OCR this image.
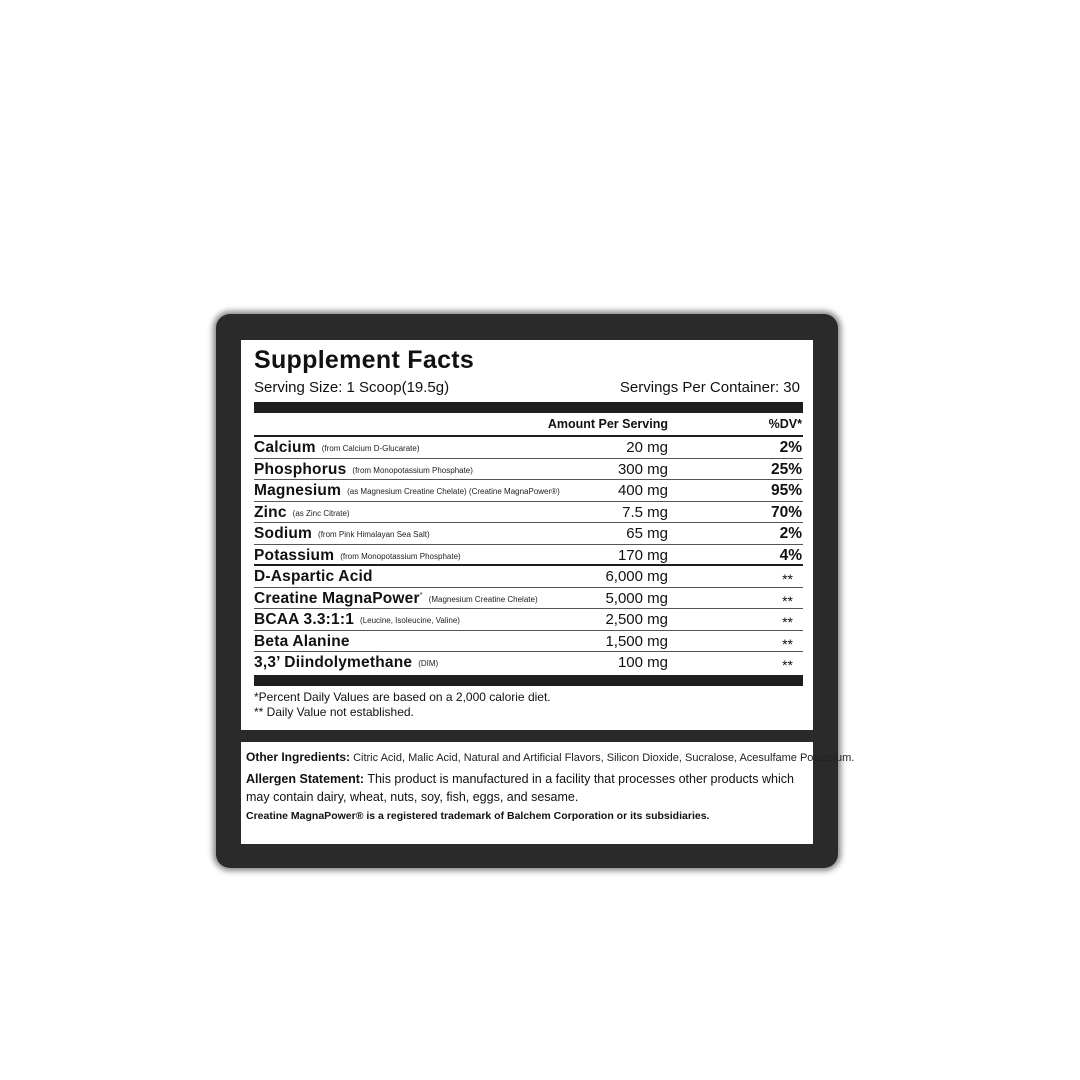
Supplement Facts
Serving Size: 1 Scoop(19.5g)	Servings Per Container: 30
Amount Per Serving	%DV*
Calcium (from Calcium D-Glucarate)	20 mg	2%
Phosphorus (from Monopotassium Phosphate)	300 mg	25%
Magnesium (as Magnesium Creatine Chelate) (Creatine MagnaPower®)	400 mg	95%
Zinc (as Zinc Citrate)	7.5 mg	70%
Sodium (from Pink Himalayan Sea Salt)	65 mg	2%
Potassium (from Monopotassium Phosphate)	170 mg	4%
D-Aspartic Acid	6,000 mg	**
Creatine MagnaPower* (Magnesium Creatine Chelate)	5,000 mg	**
BCAA 3.3:1:1 (Leucine, Isoleucine, Valine)	2,500 mg	**
Beta Alanine	1,500 mg	**
3,3’ Diindolymethane (DIM)	100 mg	**
*Percent Daily Values are based on a 2,000 calorie diet.
** Daily Value not established.
Other Ingredients: Citric Acid, Malic Acid, Natural and Artificial Flavors, Silicon Dioxide, Sucralose, Acesulfame Potassium.
Allergen Statement: This product is manufactured in a facility that processes other products which may contain dairy, wheat, nuts, soy, fish, eggs, and sesame.
Creatine MagnaPower® is a registered trademark of Balchem Corporation or its subsidiaries.
